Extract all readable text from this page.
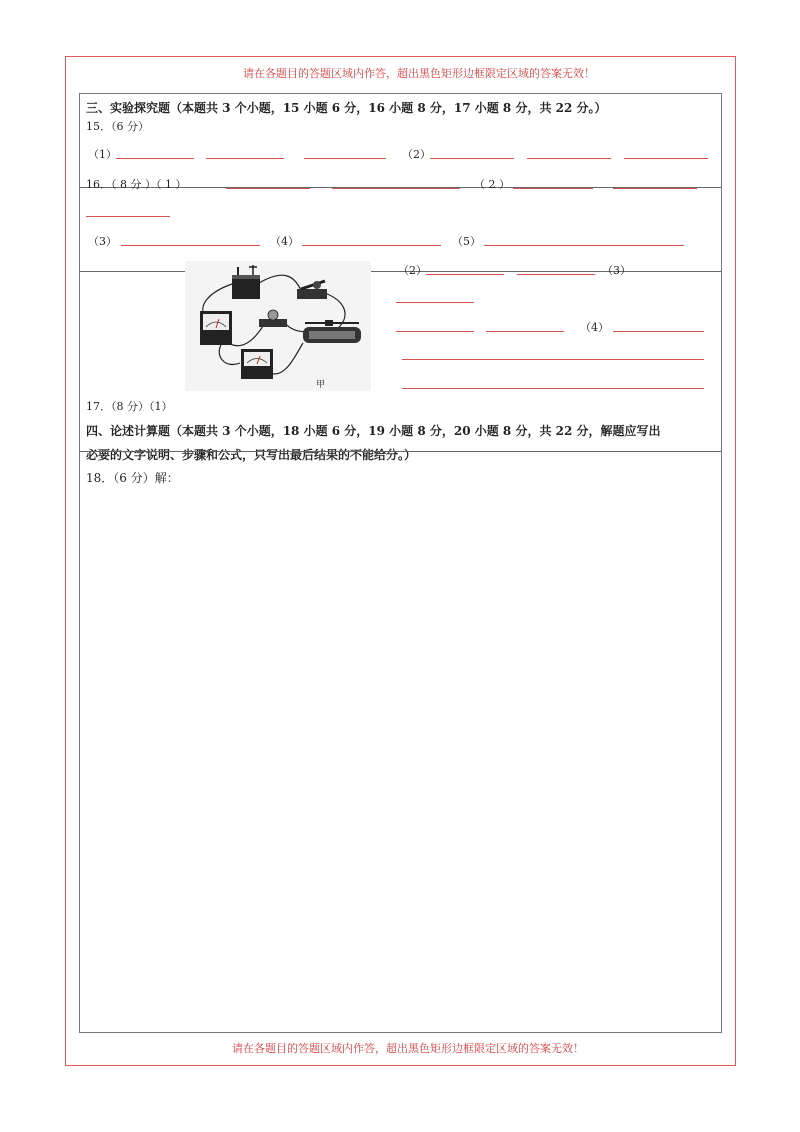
请在各题目的答题区域内作答，超出黑色矩形边框限定区域的答案无效！
三、实验探究题（本题共 3 个小题，15 小题 6 分，16 小题 8 分，17 小题 8 分，共 22 分。）
15．（6 分）
（1）	（2）
16．（ 8 分 ）（ 1 ）	（ 2 ）
（3）	（4）	（5）
甲
（2）	（3）
（4）
17．（8 分）（1）
四、论述计算题（本题共 3 个小题，18 小题 6 分，19 小题 8 分，20 小题 8 分，共 22 分，解题应写出
必要的文字说明、步骤和公式，只写出最后结果的不能给分。）
18．（6 分）解：
请在各题目的答题区域内作答，超出黑色矩形边框限定区域的答案无效！
